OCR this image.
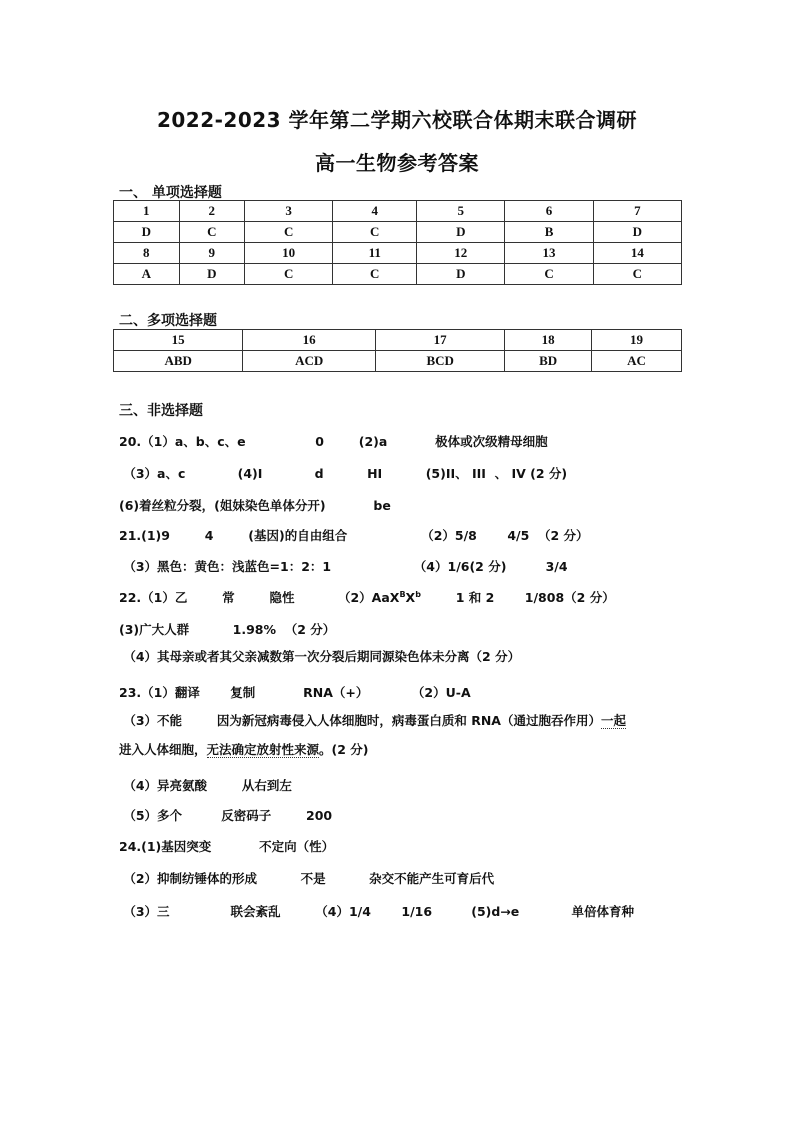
2022-2023 学年第二学期六校联合体期末联合调研
高一生物参考答案
一、 单项选择题
1	2	3	4	5	6	7
D	C	C	C	D	B	D
8	9	10	11	12	13	14
A	D	C	C	D	C	C
二、多项选择题
15	16	17	18	19
ABD	ACD	BCD	BD	AC
三、非选择题
20.（1）a、b、c、e                0        (2)a           极体或次级精母细胞
（3）a、c            (4)I            d          HI          (5)II、 III  、 IV (2 分)
(6)着丝粒分裂，(姐妹染色单体分开)           be
21.(1)9        4        (基因)的自由组合                 （2）5/8       4/5  （2 分）
（3）黑色：黄色：浅蓝色=1：2：1                   （4）1/6(2 分)         3/4
22.（1）乙        常        隐性          $(2)AaX^BX^b$        1 和 2       1/808（2 分）
(3)广大人群          1.98%  （2 分）
（4）其母亲或者其父亲减数第一次分裂后期同源染色体未分离（2 分）
23.（1）翻译       复制           RNA（+）          （2）U-A
（3）不能        因为新冠病毒侵入人体细胞时，病毒蛋白质和 RNA（通过胞吞作用）一起
进入人体细胞，无法确定放射性来源。(2 分)
（4）异亮氨酸        从右到左
（5）多个         反密码子        200
24.(1)基因突变           不定向（性）
（2）抑制纺锤体的形成          不是          杂交不能产生可育后代
（3）三              联会紊乱        （4）1/4       1/16         (5)d→e            单倍体育种
